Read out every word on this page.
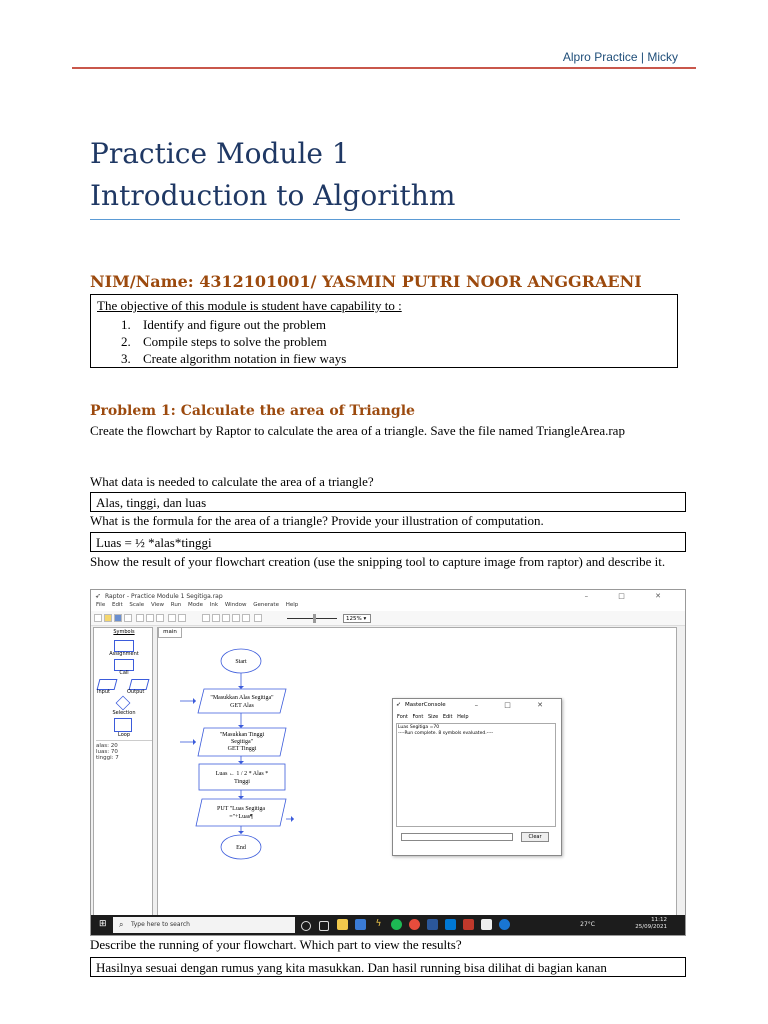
Alpro Practice | Micky
Practice Module 1
Introduction to Algorithm
NIM/Name: 4312101001/ YASMIN PUTRI NOOR ANGGRAENI
The objective of this module is student have capability to :
1. Identify and figure out the problem
2. Compile steps to solve the problem
3. Create algorithm notation in fiew ways
Problem 1: Calculate the area of Triangle
Create the flowchart by Raptor to calculate the area of a triangle. Save the file named TriangleArea.rap
What data is needed to calculate the area of a triangle?
Alas, tinggi, dan luas
What is the formula for the area of a triangle? Provide your illustration of computation.
Luas = ½ *alas*tinggi
Show the result of your flowchart creation (use the snipping tool to capture image from raptor) and describe it.
➶ Raptor - Practice Module 1 Segitiga.rap	– □ ✕
File Edit Scale View Run Mode Ink Window Generate Help
125% ▾
Symbols
Assignment
Call
Input	Output
Selection
Loop
alas: 20
luas: 70
tinggi: 7
main
Start
"Masukkan Alas Segitiga"
GET Alas
"Masukkan Tinggi
Segitiga"
GET Tinggi
Luas ← 1 / 2 * Alas *
Tinggi
PUT "Luas Segitiga
="+Luas¶
End
➶ MasterConsole	– □ ✕
Font Font Size Edit Help
Luas Segitiga =70
----Run complete. 8 symbols evaluated.----
Clear
⊞ ⌕ Type here to search	ϟ	27°C
11:12
25/09/2021
Describe the running of your flowchart. Which part to view the results?
Hasilnya sesuai dengan rumus yang kita masukkan. Dan hasil running bisa dilihat di bagian kanan
